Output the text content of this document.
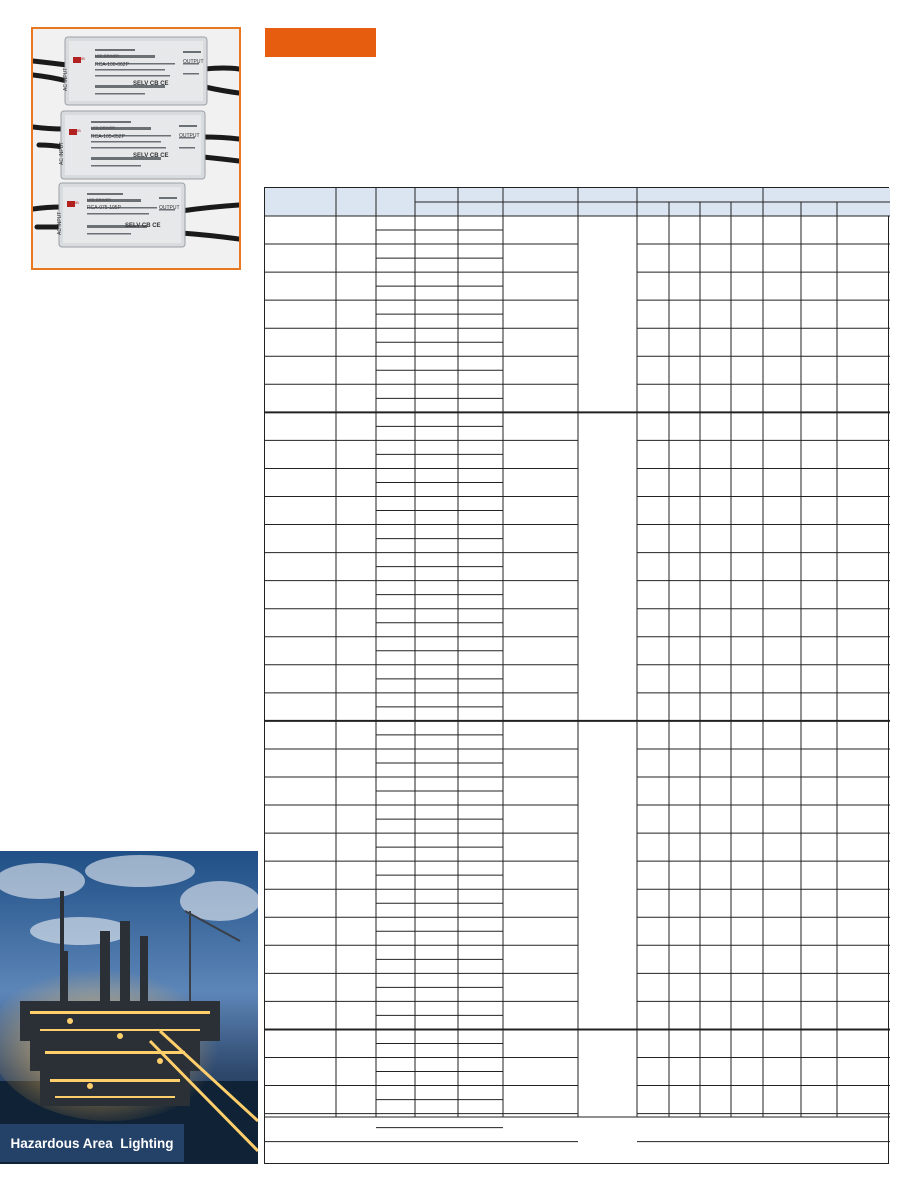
RCA-100-062P
RCA-105-052P
RCA-075-105P
LED DRIVER
LED DRIVER
LED DRIVER
OUTPUT
OUTPUT
OUTPUT
AC INPUT
AC INPUT
AC INPUT
SELV CB CE
SELV CB CE
SELV CB CE
IB
IB
IB
Hazardous Area  Lighting
